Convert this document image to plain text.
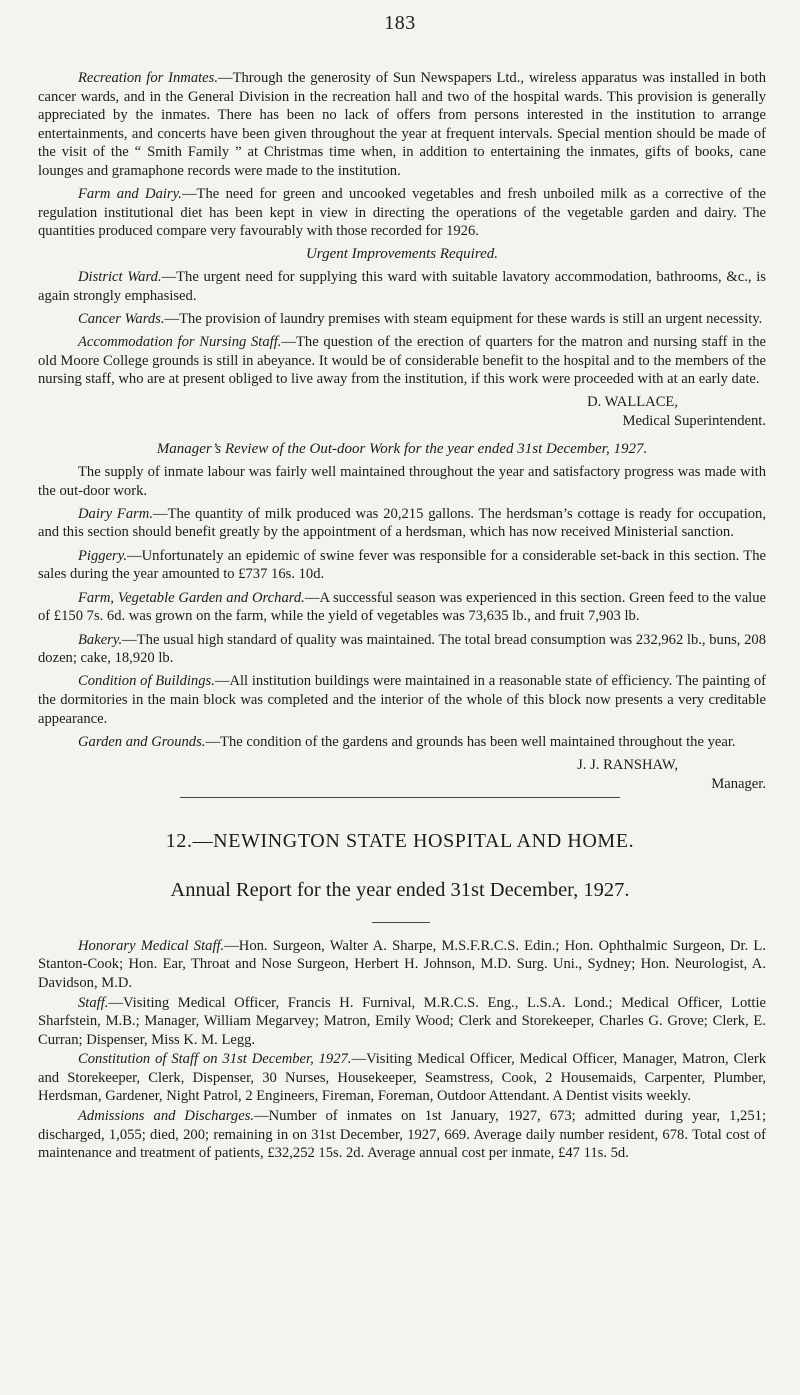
183

Recreation for Inmates.—Through the generosity of Sun Newspapers Ltd., wireless apparatus was installed in both cancer wards, and in the General Division in the recreation hall and two of the hospital wards. This provision is generally appreciated by the inmates. There has been no lack of offers from persons interested in the institution to arrange entertainments, and concerts have been given throughout the year at frequent intervals. Special mention should be made of the visit of the “ Smith Family ” at Christmas time when, in addition to entertaining the inmates, gifts of books, cane lounges and gramaphone records were made to the institution.

Farm and Dairy.—The need for green and uncooked vegetables and fresh unboiled milk as a corrective of the regulation institutional diet has been kept in view in directing the operations of the vegetable garden and dairy. The quantities produced compare very favourably with those recorded for 1926.

Urgent Improvements Required.

District Ward.—The urgent need for supplying this ward with suitable lavatory accommodation, bathrooms, &c., is again strongly emphasised.

Cancer Wards.—The provision of laundry premises with steam equipment for these wards is still an urgent necessity.

Accommodation for Nursing Staff.—The question of the erection of quarters for the matron and nursing staff in the old Moore College grounds is still in abeyance. It would be of considerable benefit to the hospital and to the members of the nursing staff, who are at present obliged to live away from the institution, if this work were proceeded with at an early date.

D. WALLACE,
Medical Superintendent.
Manager’s Review of the Out-door Work for the year ended 31st December, 1927.

The supply of inmate labour was fairly well maintained throughout the year and satisfactory progress was made with the out-door work.

Dairy Farm.—The quantity of milk produced was 20,215 gallons. The herdsman’s cottage is ready for occupation, and this section should benefit greatly by the appointment of a herdsman, which has now received Ministerial sanction.

Piggery.—Unfortunately an epidemic of swine fever was responsible for a considerable set-back in this section. The sales during the year amounted to £737 16s. 10d.

Farm, Vegetable Garden and Orchard.—A successful season was experienced in this section. Green feed to the value of £150 7s. 6d. was grown on the farm, while the yield of vegetables was 73,635 lb., and fruit 7,903 lb.

Bakery.—The usual high standard of quality was maintained. The total bread consumption was 232,962 lb., buns, 208 dozen; cake, 18,920 lb.

Condition of Buildings.—All institution buildings were maintained in a reasonable state of efficiency. The painting of the dormitories in the main block was completed and the interior of the whole of this block now presents a very creditable appearance.

Garden and Grounds.—The condition of the gardens and grounds has been well maintained throughout the year.

J. J. RANSHAW,
Manager.
12.—NEWINGTON STATE HOSPITAL AND HOME.
Annual Report for the year ended 31st December, 1927.

Honorary Medical Staff.—Hon. Surgeon, Walter A. Sharpe, M.S.F.R.C.S. Edin.; Hon. Ophthalmic Surgeon, Dr. L. Stanton-Cook; Hon. Ear, Throat and Nose Surgeon, Herbert H. Johnson, M.D. Surg. Uni., Sydney; Hon. Neurologist, A. Davidson, M.D.

Staff.—Visiting Medical Officer, Francis H. Furnival, M.R.C.S. Eng., L.S.A. Lond.; Medical Officer, Lottie Sharfstein, M.B.; Manager, William Megarvey; Matron, Emily Wood; Clerk and Storekeeper, Charles G. Grove; Clerk, E. Curran; Dispenser, Miss K. M. Legg.

Constitution of Staff on 31st December, 1927.—Visiting Medical Officer, Medical Officer, Manager, Matron, Clerk and Storekeeper, Clerk, Dispenser, 30 Nurses, Housekeeper, Seamstress, Cook, 2 Housemaids, Carpenter, Plumber, Herdsman, Gardener, Night Patrol, 2 Engineers, Fireman, Foreman, Outdoor Attendant. A Dentist visits weekly.

Admissions and Discharges.—Number of inmates on 1st January, 1927, 673; admitted during year, 1,251; discharged, 1,055; died, 200; remaining in on 31st December, 1927, 669. Average daily number resident, 678. Total cost of maintenance and treatment of patients, £32,252 15s. 2d. Average annual cost per inmate, £47 11s. 5d.
